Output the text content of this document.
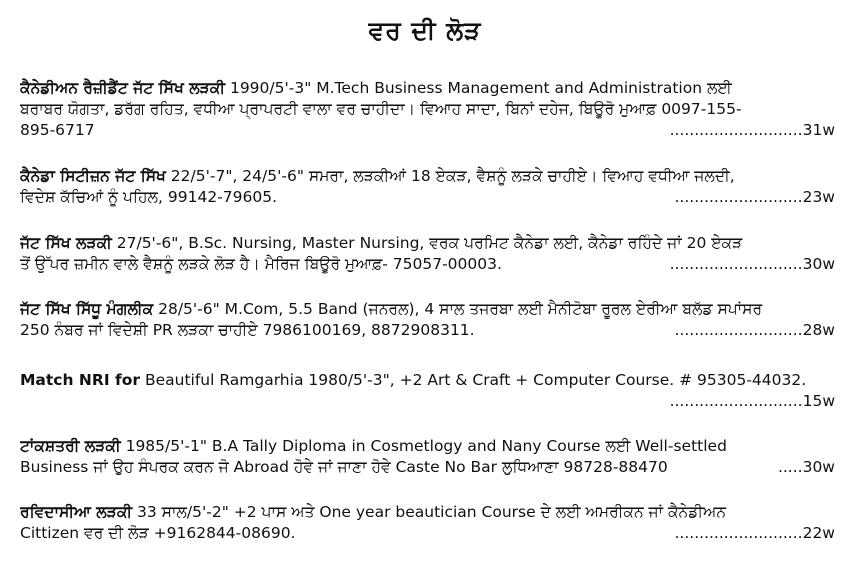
ਵਰ ਦੀ ਲੋੜ
ਕੈਨੇਡੀਅਨ ਰੈਜ਼ੀਡੈਂਟ ਜੱਟ ਸਿੱਖ ਲੜਕੀ 1990/5'-3" M.Tech Business Management and Administration ਲਈ
ਬਰਾਬਰ ਯੋਗਤਾ, ਡਰੱਗ ਰਹਿਤ, ਵਧੀਆ ਪ੍ਰਾਪਰਟੀ ਵਾਲਾ ਵਰ ਚਾਹੀਦਾ। ਵਿਆਹ ਸਾਦਾ, ਬਿਨਾਂ ਦਹੇਜ, ਬਿਊਰੋ ਮੁਆਫ਼ 0097-155-
895-6717	...........................31w
ਕੈਨੇਡਾ ਸਿਟੀਜ਼ਨ ਜੱਟ ਸਿੱਖ 22/5'-7", 24/5'-6" ਸਮਰਾ, ਲੜਕੀਆਂ 18 ਏਕੜ, ਵੈਸ਼ਨੂੰ ਲੜਕੇ ਚਾਹੀਏ। ਵਿਆਹ ਵਧੀਆ ਜਲਦੀ,
ਵਿਦੇਸ਼ ਕੱਚਿਆਂ ਨੂੰ ਪਹਿਲ, 99142-79605.	..........................23w
ਜੱਟ ਸਿੱਖ ਲੜਕੀ 27/5'-6", B.Sc. Nursing, Master Nursing, ਵਰਕ ਪਰਮਿਟ ਕੈਨੇਡਾ ਲਈ, ਕੈਨੇਡਾ ਰਹਿੰਦੇ ਜਾਂ 20 ਏਕੜ
ਤੋਂ ਉੱਪਰ ਜ਼ਮੀਨ ਵਾਲੇ ਵੈਸ਼ਨੂੰ ਲੜਕੇ ਲੋੜ ਹੈ। ਮੈਰਿਜ ਬਿਊਰੋ ਮੁਆਫ਼- 75057-00003.	...........................30w
ਜੱਟ ਸਿੱਖ ਸਿੱਧੂ ਮੰਗਲੀਕ 28/5'-6" M.Com, 5.5 Band (ਜਨਰਲ), 4 ਸਾਲ ਤਜਰਬਾ ਲਈ ਮੈਨੀਟੋਬਾ ਰੂਰਲ ਏਰੀਆ ਬਲੱਡ ਸਪਾਂਸਰ
250 ਨੰਬਰ ਜਾਂ ਵਿਦੇਸ਼ੀ PR ਲੜਕਾ ਚਾਹੀਏ 7986100169, 8872908311.	..........................28w
Match NRI for Beautiful Ramgarhia 1980/5'-3", +2 Art & Craft + Computer Course. # 95305-44032.
...........................15w
ਟਾਂਕਸ਼ਤਰੀ ਲੜਕੀ 1985/5'-1" B.A Tally Diploma in Cosmetlogy and Nany Course ਲਈ Well-settled
Business ਜਾਂ ਉਹ ਸੰਪਰਕ ਕਰਨ ਜੋ Abroad ਹੋਵੇ ਜਾਂ ਜਾਣਾ ਹੋਵੇ Caste No Bar ਲੁਧਿਆਣਾ 98728-88470	.....30w
ਰਵਿਦਾਸੀਆ ਲੜਕੀ 33 ਸਾਲ/5'-2" +2 ਪਾਸ ਅਤੇ One year beautician Course ਦੇ ਲਈ ਅਮਰੀਕਨ ਜਾਂ ਕੈਨੇਡੀਅਨ
Cittizen ਵਰ ਦੀ ਲੋੜ +9162844-08690.	..........................22w
